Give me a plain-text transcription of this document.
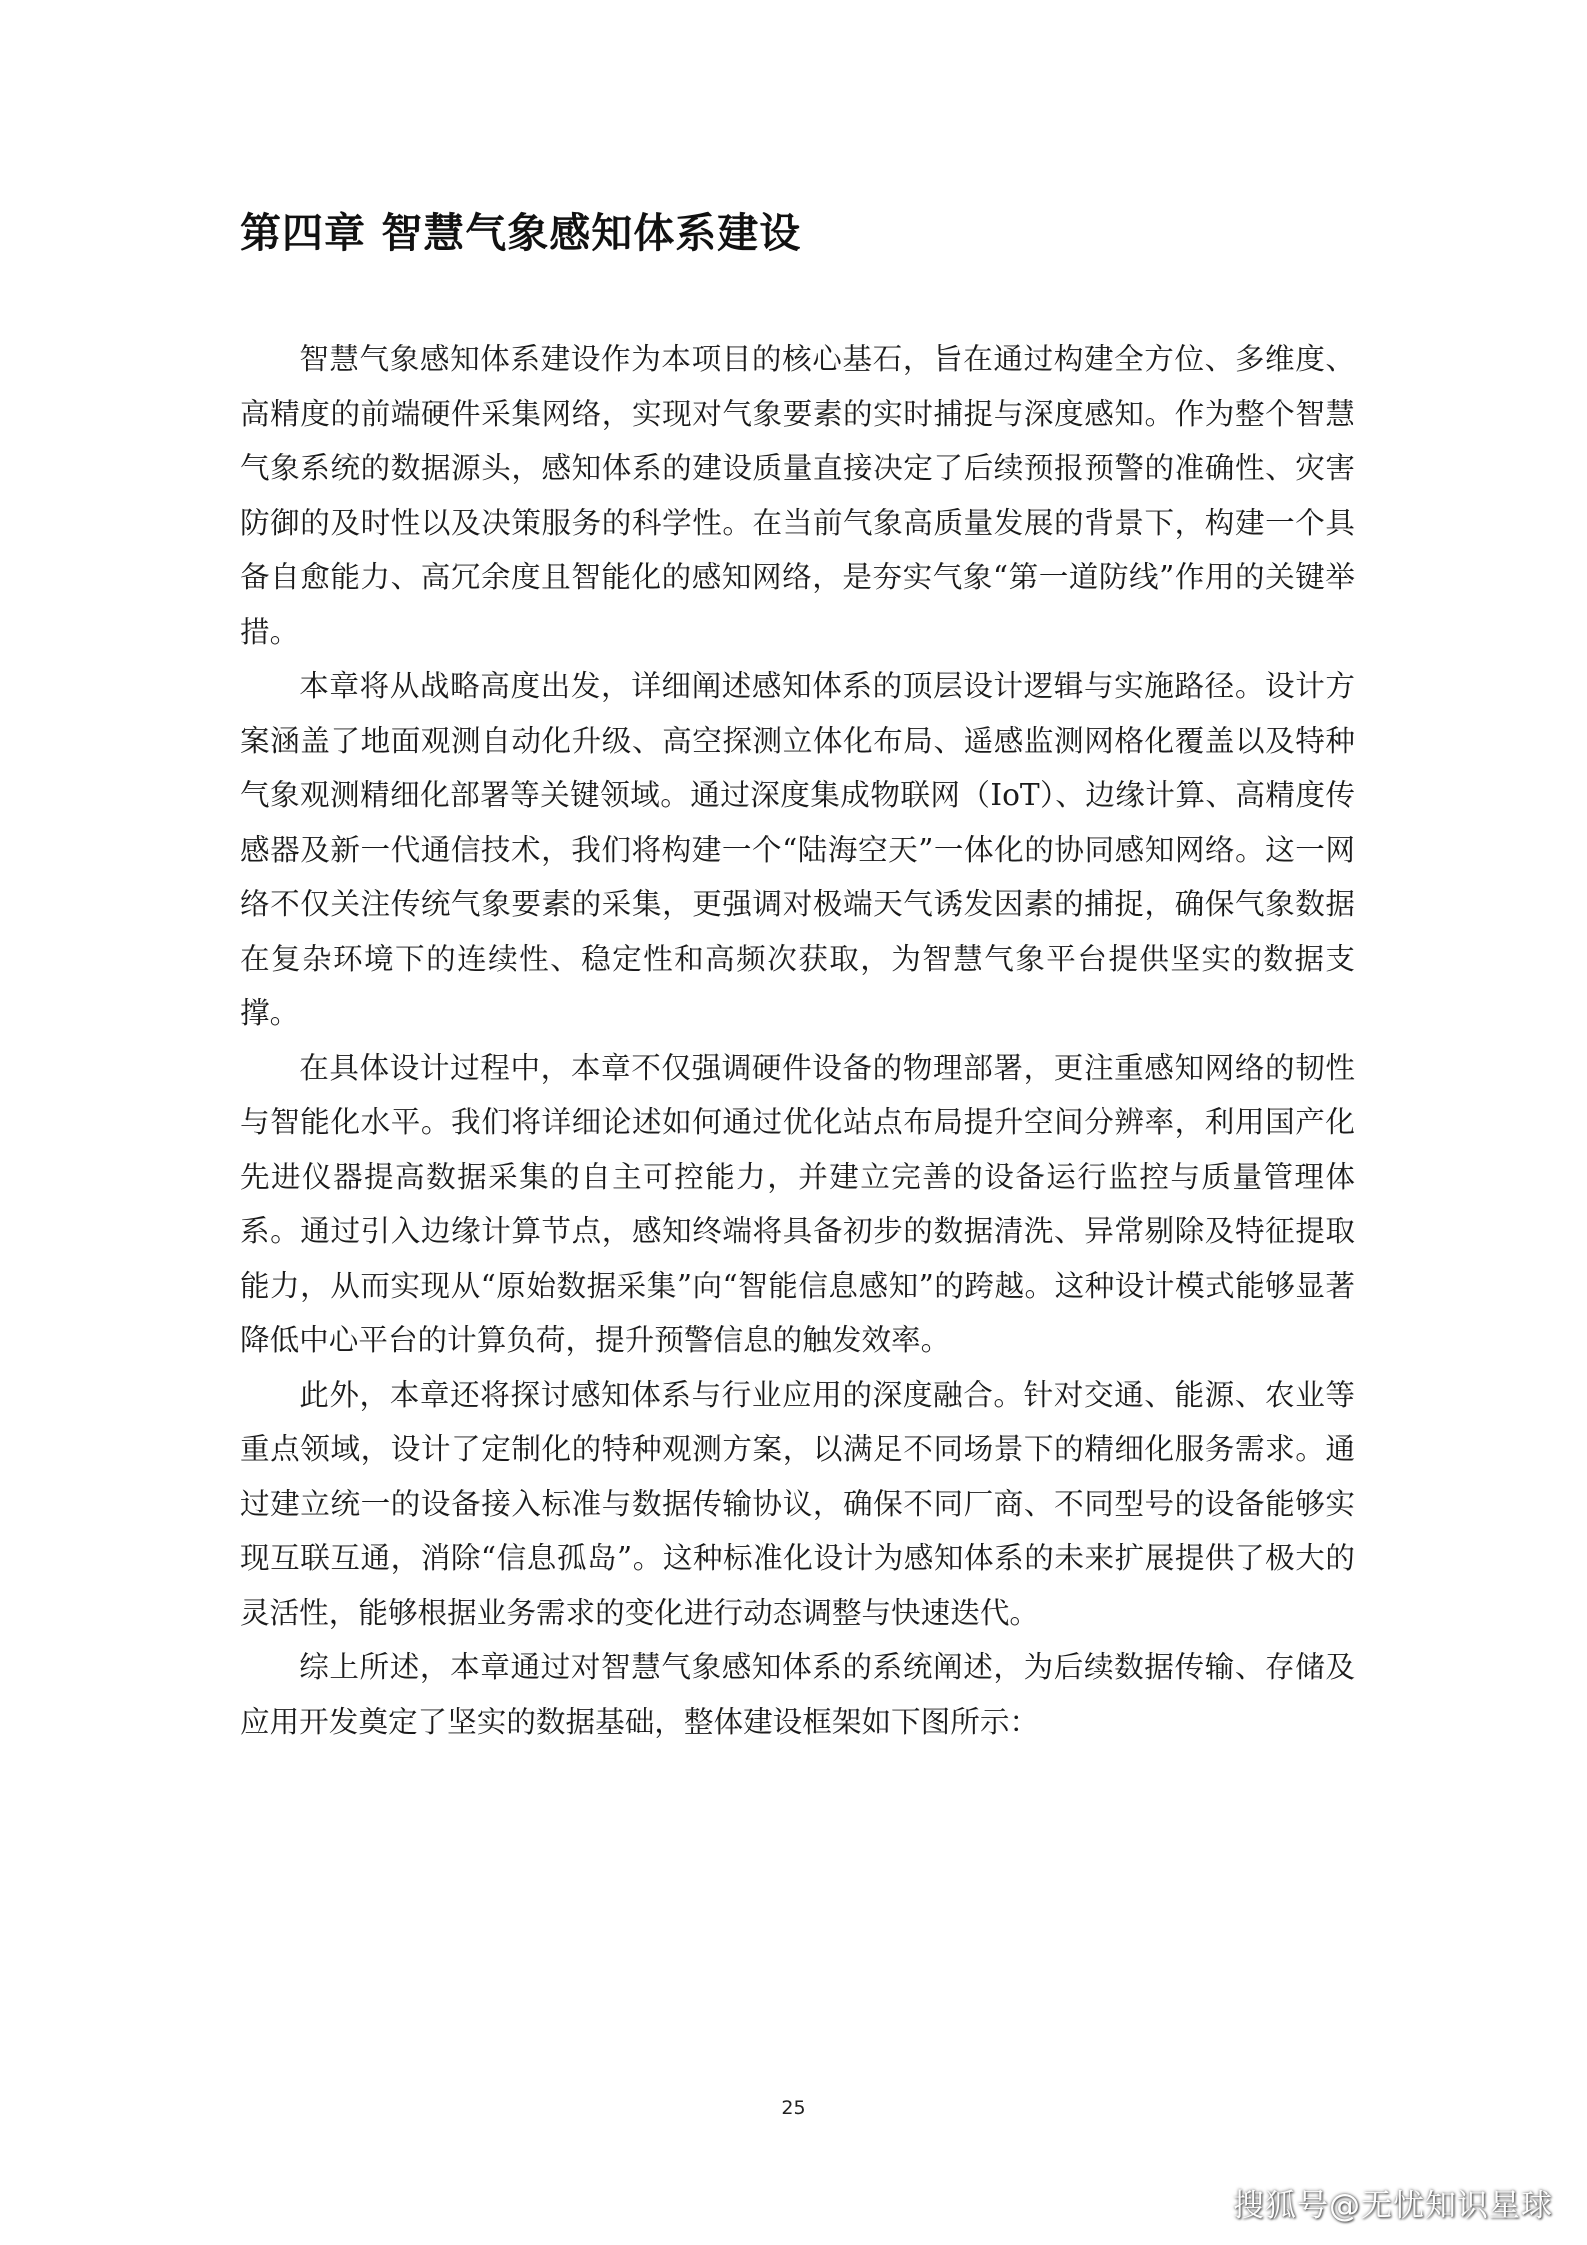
第四章 智慧气象感知体系建设

智慧气象感知体系建设作为本项目的核心基石，旨在通过构建全方位、多维度、高精度的前端硬件采集网络，实现对气象要素的实时捕捉与深度感知。作为整个智慧气象系统的数据源头，感知体系的建设质量直接决定了后续预报预警的准确性、灾害防御的及时性以及决策服务的科学性。在当前气象高质量发展的背景下，构建一个具备自愈能力、高冗余度且智能化的感知网络，是夯实气象“第一道防线”作用的关键举措。

本章将从战略高度出发，详细阐述感知体系的顶层设计逻辑与实施路径。设计方案涵盖了地面观测自动化升级、高空探测立体化布局、遥感监测网格化覆盖以及特种气象观测精细化部署等关键领域。通过深度集成物联网（IoT）、边缘计算、高精度传感器及新一代通信技术，我们将构建一个“陆海空天”一体化的协同感知网络。这一网络不仅关注传统气象要素的采集，更强调对极端天气诱发因素的捕捉，确保气象数据在复杂环境下的连续性、稳定性和高频次获取，为智慧气象平台提供坚实的数据支撑。

在具体设计过程中，本章不仅强调硬件设备的物理部署，更注重感知网络的韧性与智能化水平。我们将详细论述如何通过优化站点布局提升空间分辨率，利用国产化先进仪器提高数据采集的自主可控能力，并建立完善的设备运行监控与质量管理体系。通过引入边缘计算节点，感知终端将具备初步的数据清洗、异常剔除及特征提取能力，从而实现从“原始数据采集”向“智能信息感知”的跨越。这种设计模式能够显著降低中心平台的计算负荷，提升预警信息的触发效率。

此外，本章还将探讨感知体系与行业应用的深度融合。针对交通、能源、农业等重点领域，设计了定制化的特种观测方案，以满足不同场景下的精细化服务需求。通过建立统一的设备接入标准与数据传输协议，确保不同厂商、不同型号的设备能够实现互联互通，消除“信息孤岛”。这种标准化设计为感知体系的未来扩展提供了极大的灵活性，能够根据业务需求的变化进行动态调整与快速迭代。

综上所述，本章通过对智慧气象感知体系的系统阐述，为后续数据传输、存储及应用开发奠定了坚实的数据基础，整体建设框架如下图所示：

25
搜狐号@无忧知识星球
